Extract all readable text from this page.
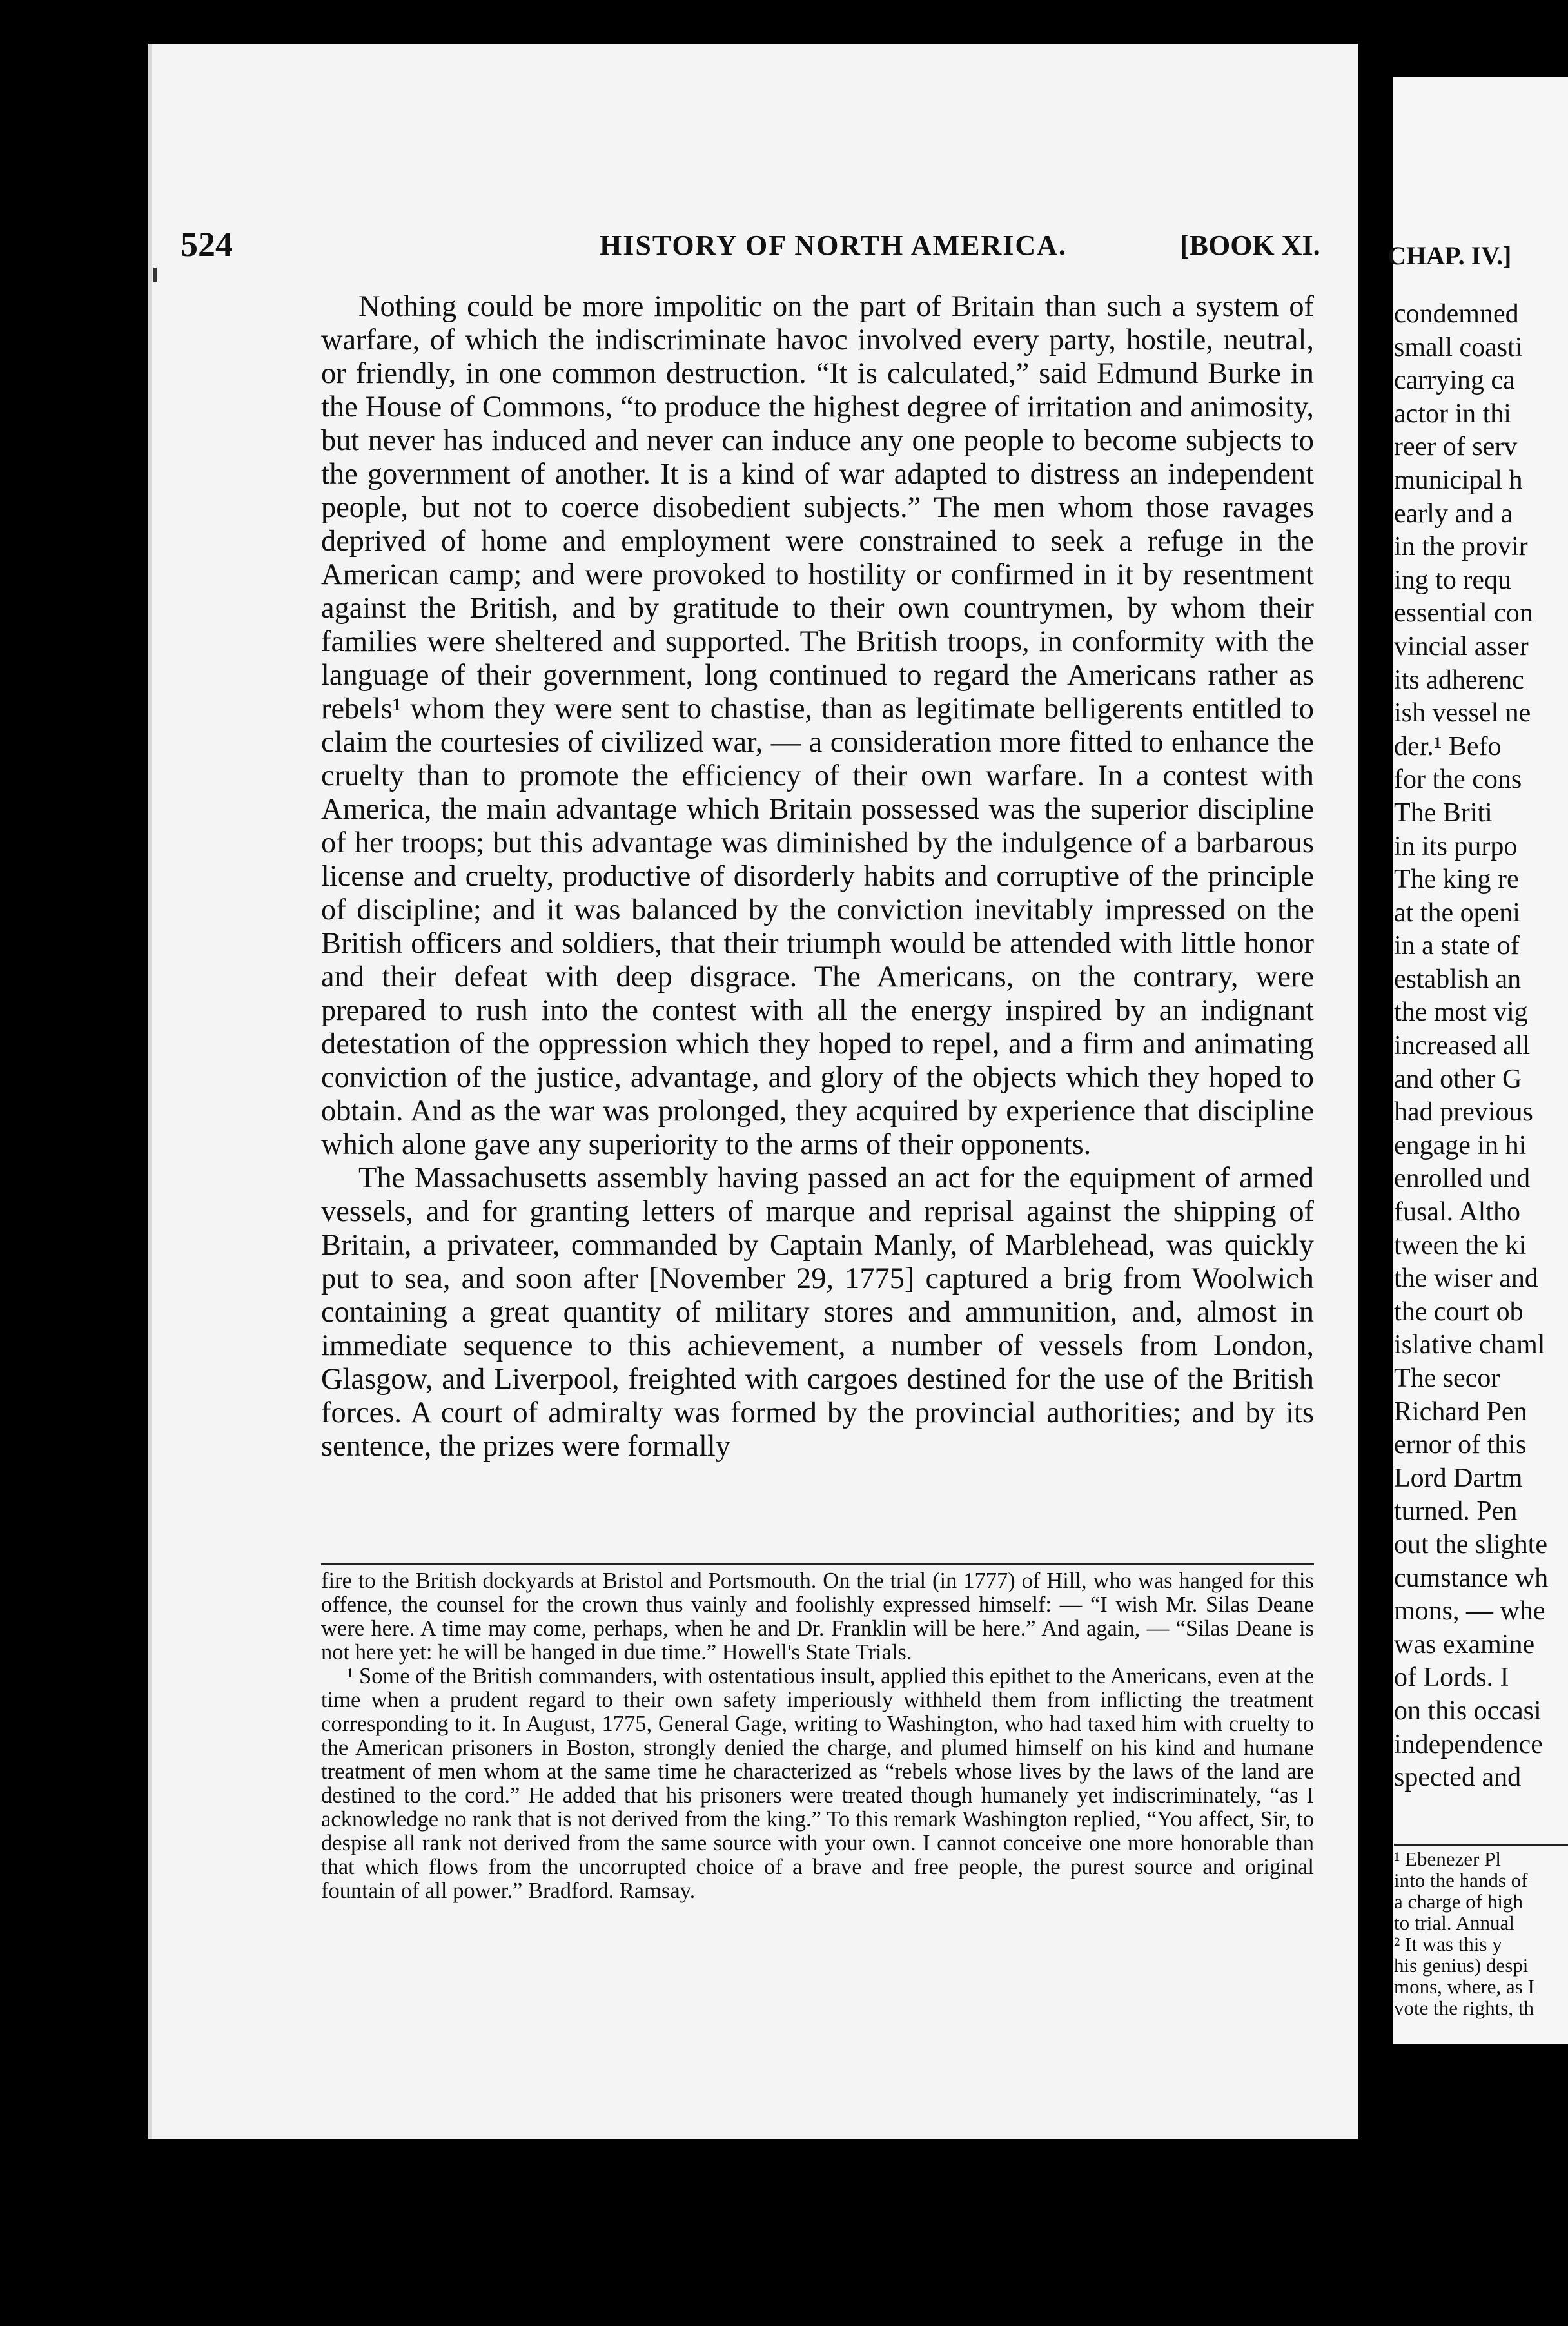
524	HISTORY OF NORTH AMERICA.	[BOOK XI.

Nothing could be more impolitic on the part of Britain than such a system of warfare, of which the indiscriminate havoc involved every party, hostile, neutral, or friendly, in one common destruction. “It is calculated,” said Edmund Burke in the House of Commons, “to produce the highest degree of irritation and animosity, but never has induced and never can induce any one people to become subjects to the government of another. It is a kind of war adapted to distress an independent people, but not to coerce disobedient subjects.” The men whom those ravages deprived of home and employment were constrained to seek a refuge in the American camp; and were provoked to hostility or confirmed in it by resentment against the British, and by gratitude to their own countrymen, by whom their families were sheltered and supported. The British troops, in conformity with the language of their government, long continued to regard the Americans rather as rebels¹ whom they were sent to chastise, than as legitimate belligerents entitled to claim the courtesies of civilized war, — a consideration more fitted to enhance the cruelty than to promote the efficiency of their own warfare. In a contest with America, the main advantage which Britain possessed was the superior discipline of her troops; but this advantage was diminished by the indulgence of a barbarous license and cruelty, productive of disorderly habits and corruptive of the principle of discipline; and it was balanced by the conviction inevitably impressed on the British officers and soldiers, that their triumph would be attended with little honor and their defeat with deep disgrace. The Americans, on the contrary, were prepared to rush into the contest with all the energy inspired by an indignant detestation of the oppression which they hoped to repel, and a firm and animating conviction of the justice, advantage, and glory of the objects which they hoped to obtain. And as the war was prolonged, they acquired by experience that discipline which alone gave any superiority to the arms of their opponents.

The Massachusetts assembly having passed an act for the equipment of armed vessels, and for granting letters of marque and reprisal against the shipping of Britain, a privateer, commanded by Captain Manly, of Marblehead, was quickly put to sea, and soon after [November 29, 1775] captured a brig from Woolwich containing a great quantity of military stores and ammunition, and, almost in immediate sequence to this achievement, a number of vessels from London, Glasgow, and Liverpool, freighted with cargoes destined for the use of the British forces. A court of admiralty was formed by the provincial authorities; and by its sentence, the prizes were formally

fire to the British dockyards at Bristol and Portsmouth. On the trial (in 1777) of Hill, who was hanged for this offence, the counsel for the crown thus vainly and foolishly expressed himself: — “I wish Mr. Silas Deane were here. A time may come, perhaps, when he and Dr. Franklin will be here.” And again, — “Silas Deane is not here yet: he will be hanged in due time.” Howell's State Trials.

¹ Some of the British commanders, with ostentatious insult, applied this epithet to the Americans, even at the time when a prudent regard to their own safety imperiously withheld them from inflicting the treatment corresponding to it. In August, 1775, General Gage, writing to Washington, who had taxed him with cruelty to the American prisoners in Boston, strongly denied the charge, and plumed himself on his kind and humane treatment of men whom at the same time he characterized as “rebels whose lives by the laws of the land are destined to the cord.” He added that his prisoners were treated though humanely yet indiscriminately, “as I acknowledge no rank that is not derived from the king.” To this remark Washington replied, “You affect, Sir, to despise all rank not derived from the same source with your own. I cannot conceive one more honorable than that which flows from the uncorrupted choice of a brave and free people, the purest source and original fountain of all power.” Bradford. Ramsay.

CHAP. IV.]
condemned
small coasti
carrying ca
actor in thi
reer of serv
municipal h
early and a
in the provir
ing to requ
essential con
vincial asser
its adherenc
ish vessel ne
der.¹ Befo
for the cons
The Briti
in its purpo
The king re
at the openi
in a state of
establish an
the most vig
increased all
and other G
had previous
engage in hi
enrolled und
fusal. Altho
tween the ki
the wiser and
the court ob
islative chaml
The secor
Richard Pen
ernor of this
Lord Dartm
turned. Pen
out the slighte
cumstance wh
mons, — whe
was examine
of Lords. I
on this occasi
independence
spected and
¹ Ebenezer Pl
into the hands of
a charge of high
to trial. Annual
² It was this y
his genius) despi
mons, where, as I
vote the rights, th
